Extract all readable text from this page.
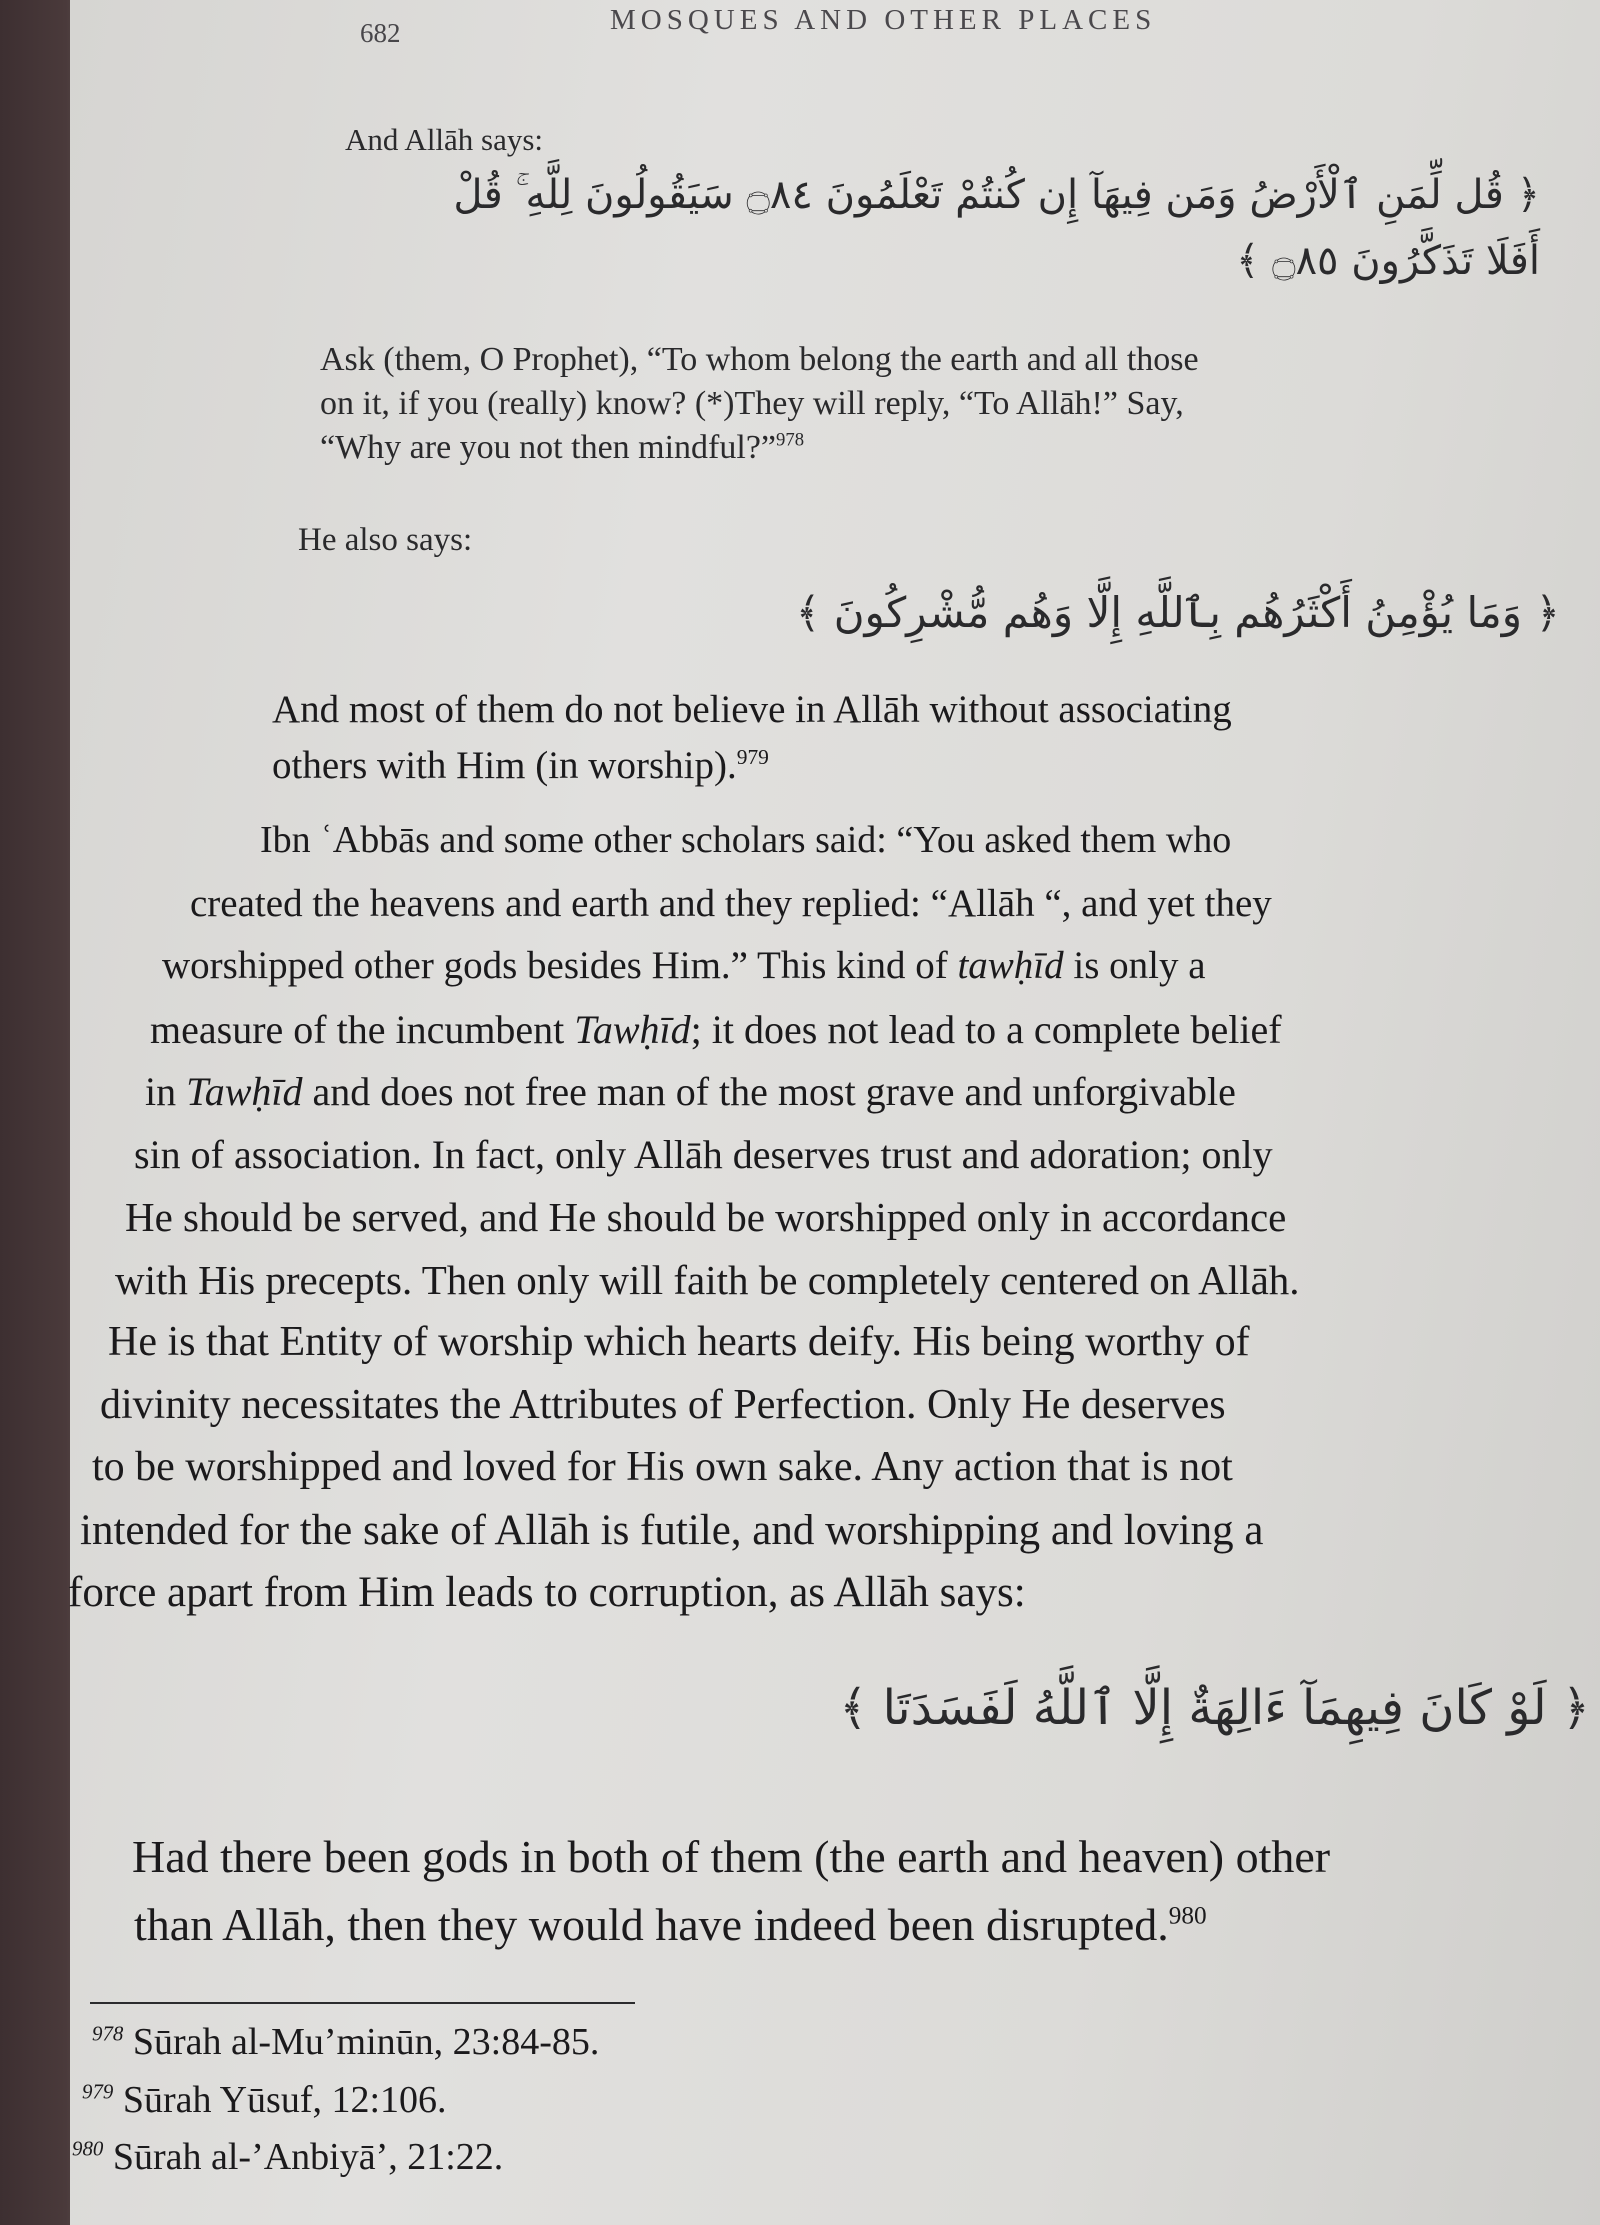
682	MOSQUES AND OTHER PLACES
And Allāh says:
﴿ قُل لِّمَنِ ٱلْأَرْضُ وَمَن فِيهَآ إِن كُنتُمْ تَعْلَمُونَ ۝٨٤ سَيَقُولُونَ لِلَّهِ ۚ قُلْ
أَفَلَا تَذَكَّرُونَ ۝٨٥ ﴾

Ask (them, O Prophet), “To whom belong the earth and all those

on it, if you (really) know? (*)They will reply, “To Allāh!” Say,

“Why are you not then mindful?”$^{978}$

He also says:
﴿ وَمَا يُؤْمِنُ أَكْثَرُهُم بِٱللَّهِ إِلَّا وَهُم مُّشْرِكُونَ ﴾

And most of them do not believe in Allāh without associating

others with Him (in worship).$^{979}$

﴿ لَوْ كَانَ فِيهِمَآ ءَالِهَةٌ إِلَّا ٱللَّهُ لَفَسَدَتَا ﴾

Had there been gods in both of them (the earth and heaven) other

than Allāh, then they would have indeed been disrupted.$^{980}$

Ibn ʿAbbās and some other scholars said: “You asked them who
created the heavens and earth and they replied: “Allāh “, and yet they
worshipped other gods besides Him.” This kind of tawḥīd is only a
measure of the incumbent Tawḥīd; it does not lead to a complete belief
in Tawḥīd and does not free man of the most grave and unforgivable
sin of association. In fact, only Allāh deserves trust and adoration; only
He should be served, and He should be worshipped only in accordance
with His precepts. Then only will faith be completely centered on Allāh.
He is that Entity of worship which hearts deify. His being worthy of
divinity necessitates the Attributes of Perfection. Only He deserves
to be worshipped and loved for His own sake. Any action that is not
intended for the sake of Allāh is futile, and worshipping and loving a
force apart from Him leads to corruption, as Allāh says:
$^{978}$ Sūrah al-Mu’minūn, 23:84-85.
$^{979}$ Sūrah Yūsuf, 12:106.
$^{980}$ Sūrah al-’Anbiyā’, 21:22.
